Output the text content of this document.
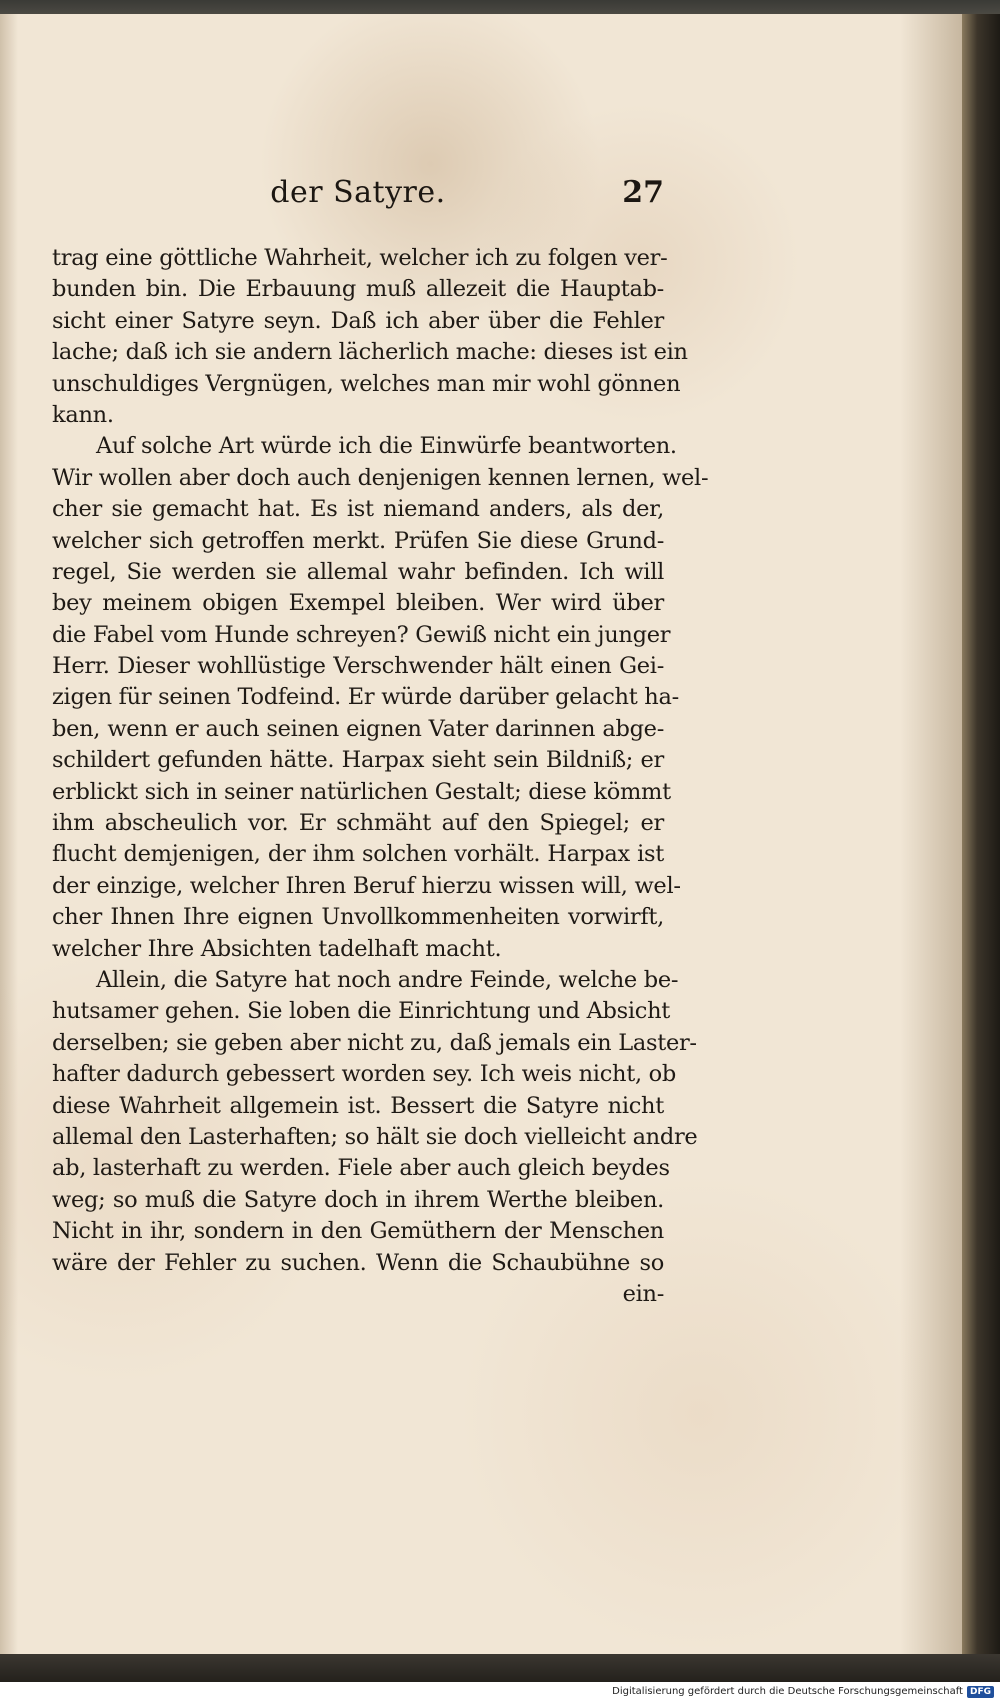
der Satyre.	27
trag eine göttliche Wahrheit, welcher ich zu folgen ver-
bunden bin. Die Erbauung muß allezeit die Hauptab-
sicht einer Satyre seyn. Daß ich aber über die Fehler
lache; daß ich sie andern lächerlich mache: dieses ist ein
unschuldiges Vergnügen, welches man mir wohl gönnen
kann.
Auf solche Art würde ich die Einwürfe beantworten.
Wir wollen aber doch auch denjenigen kennen lernen, wel-
cher sie gemacht hat. Es ist niemand anders, als der,
welcher sich getroffen merkt. Prüfen Sie diese Grund-
regel, Sie werden sie allemal wahr befinden. Ich will
bey meinem obigen Exempel bleiben. Wer wird über
die Fabel vom Hunde schreyen? Gewiß nicht ein junger
Herr. Dieser wohllüstige Verschwender hält einen Gei-
zigen für seinen Todfeind. Er würde darüber gelacht ha-
ben, wenn er auch seinen eignen Vater darinnen abge-
schildert gefunden hätte. Harpax sieht sein Bildniß; er
erblickt sich in seiner natürlichen Gestalt; diese kömmt
ihm abscheulich vor. Er schmäht auf den Spiegel; er
flucht demjenigen, der ihm solchen vorhält. Harpax ist
der einzige, welcher Ihren Beruf hierzu wissen will, wel-
cher Ihnen Ihre eignen Unvollkommenheiten vorwirft,
welcher Ihre Absichten tadelhaft macht.
Allein, die Satyre hat noch andre Feinde, welche be-
hutsamer gehen. Sie loben die Einrichtung und Absicht
derselben; sie geben aber nicht zu, daß jemals ein Laster-
hafter dadurch gebessert worden sey. Ich weis nicht, ob
diese Wahrheit allgemein ist. Bessert die Satyre nicht
allemal den Lasterhaften; so hält sie doch vielleicht andre
ab, lasterhaft zu werden. Fiele aber auch gleich beydes
weg; so muß die Satyre doch in ihrem Werthe bleiben.
Nicht in ihr, sondern in den Gemüthern der Menschen
wäre der Fehler zu suchen. Wenn die Schaubühne so
ein-
Digitalisierung gefördert durch die Deutsche Forschungsgemeinschaft DFG
